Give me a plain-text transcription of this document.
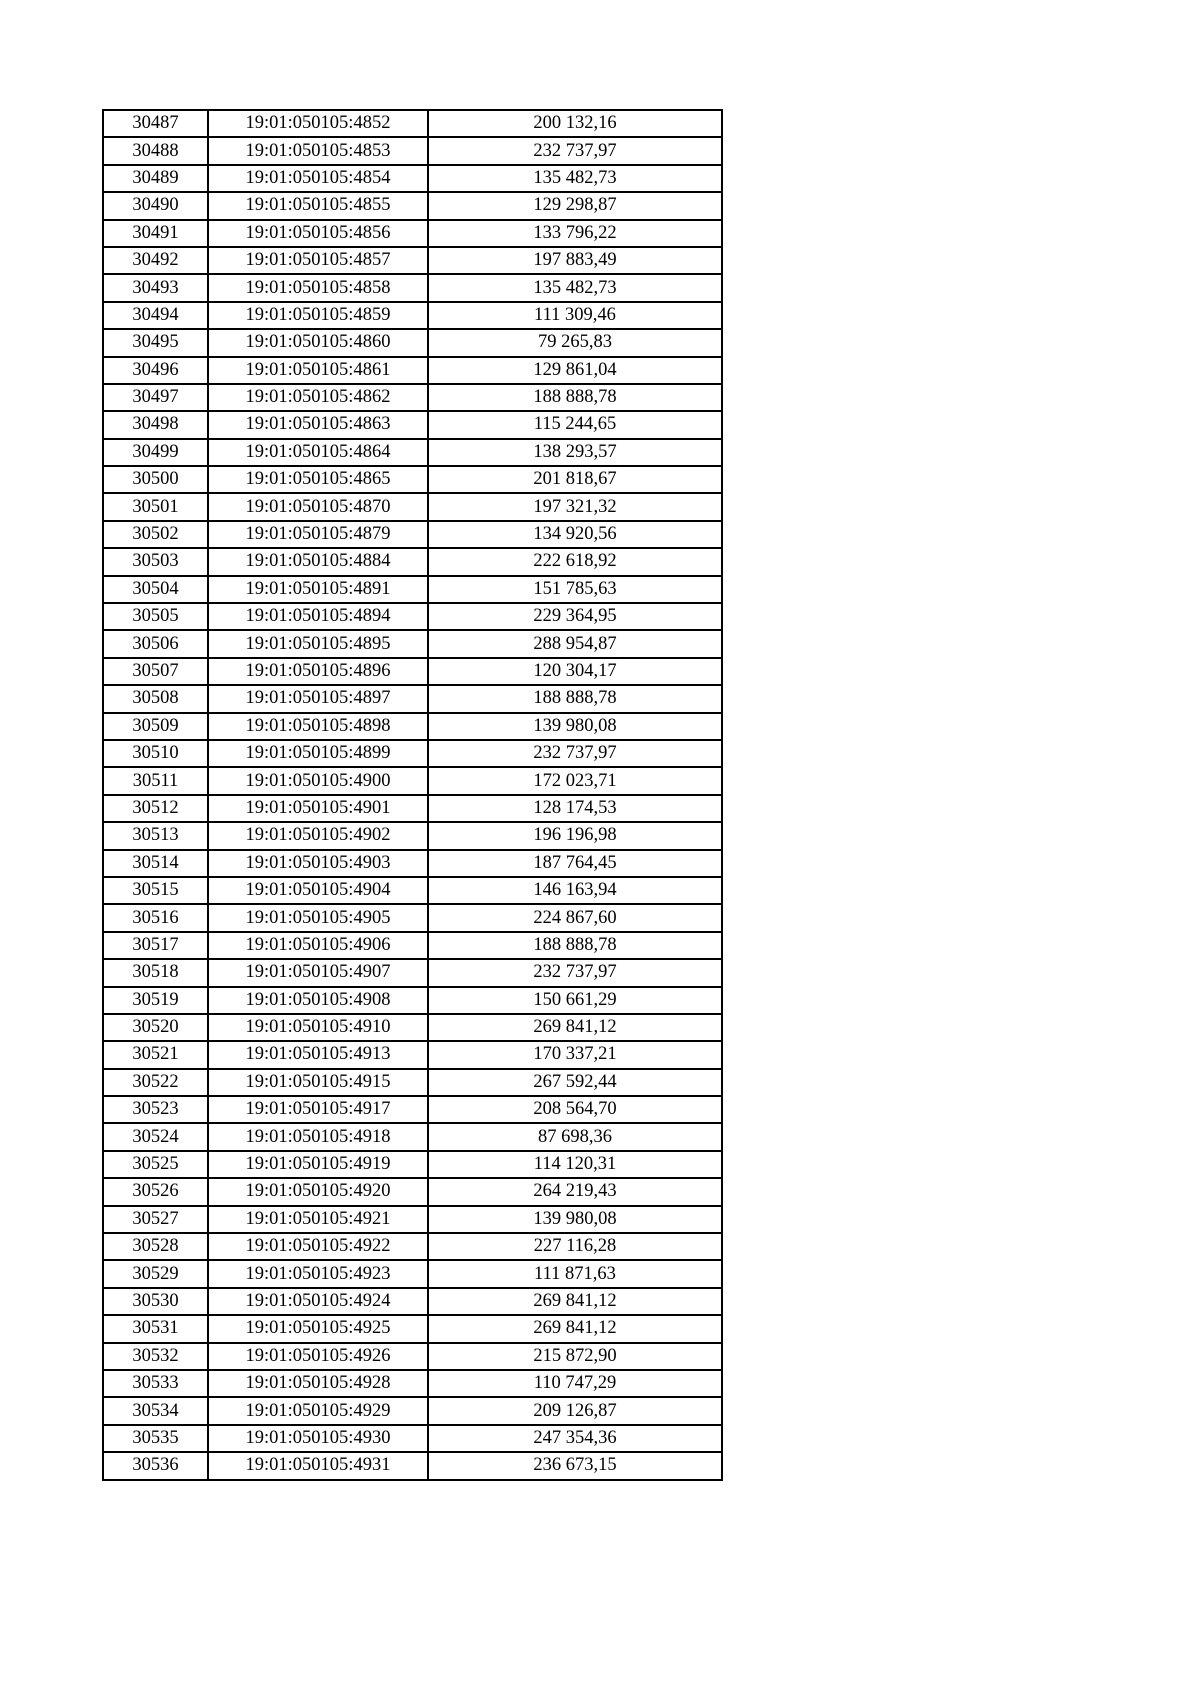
30487	19:01:050105:4852	200 132,16
30488	19:01:050105:4853	232 737,97
30489	19:01:050105:4854	135 482,73
30490	19:01:050105:4855	129 298,87
30491	19:01:050105:4856	133 796,22
30492	19:01:050105:4857	197 883,49
30493	19:01:050105:4858	135 482,73
30494	19:01:050105:4859	111 309,46
30495	19:01:050105:4860	79 265,83
30496	19:01:050105:4861	129 861,04
30497	19:01:050105:4862	188 888,78
30498	19:01:050105:4863	115 244,65
30499	19:01:050105:4864	138 293,57
30500	19:01:050105:4865	201 818,67
30501	19:01:050105:4870	197 321,32
30502	19:01:050105:4879	134 920,56
30503	19:01:050105:4884	222 618,92
30504	19:01:050105:4891	151 785,63
30505	19:01:050105:4894	229 364,95
30506	19:01:050105:4895	288 954,87
30507	19:01:050105:4896	120 304,17
30508	19:01:050105:4897	188 888,78
30509	19:01:050105:4898	139 980,08
30510	19:01:050105:4899	232 737,97
30511	19:01:050105:4900	172 023,71
30512	19:01:050105:4901	128 174,53
30513	19:01:050105:4902	196 196,98
30514	19:01:050105:4903	187 764,45
30515	19:01:050105:4904	146 163,94
30516	19:01:050105:4905	224 867,60
30517	19:01:050105:4906	188 888,78
30518	19:01:050105:4907	232 737,97
30519	19:01:050105:4908	150 661,29
30520	19:01:050105:4910	269 841,12
30521	19:01:050105:4913	170 337,21
30522	19:01:050105:4915	267 592,44
30523	19:01:050105:4917	208 564,70
30524	19:01:050105:4918	87 698,36
30525	19:01:050105:4919	114 120,31
30526	19:01:050105:4920	264 219,43
30527	19:01:050105:4921	139 980,08
30528	19:01:050105:4922	227 116,28
30529	19:01:050105:4923	111 871,63
30530	19:01:050105:4924	269 841,12
30531	19:01:050105:4925	269 841,12
30532	19:01:050105:4926	215 872,90
30533	19:01:050105:4928	110 747,29
30534	19:01:050105:4929	209 126,87
30535	19:01:050105:4930	247 354,36
30536	19:01:050105:4931	236 673,15
